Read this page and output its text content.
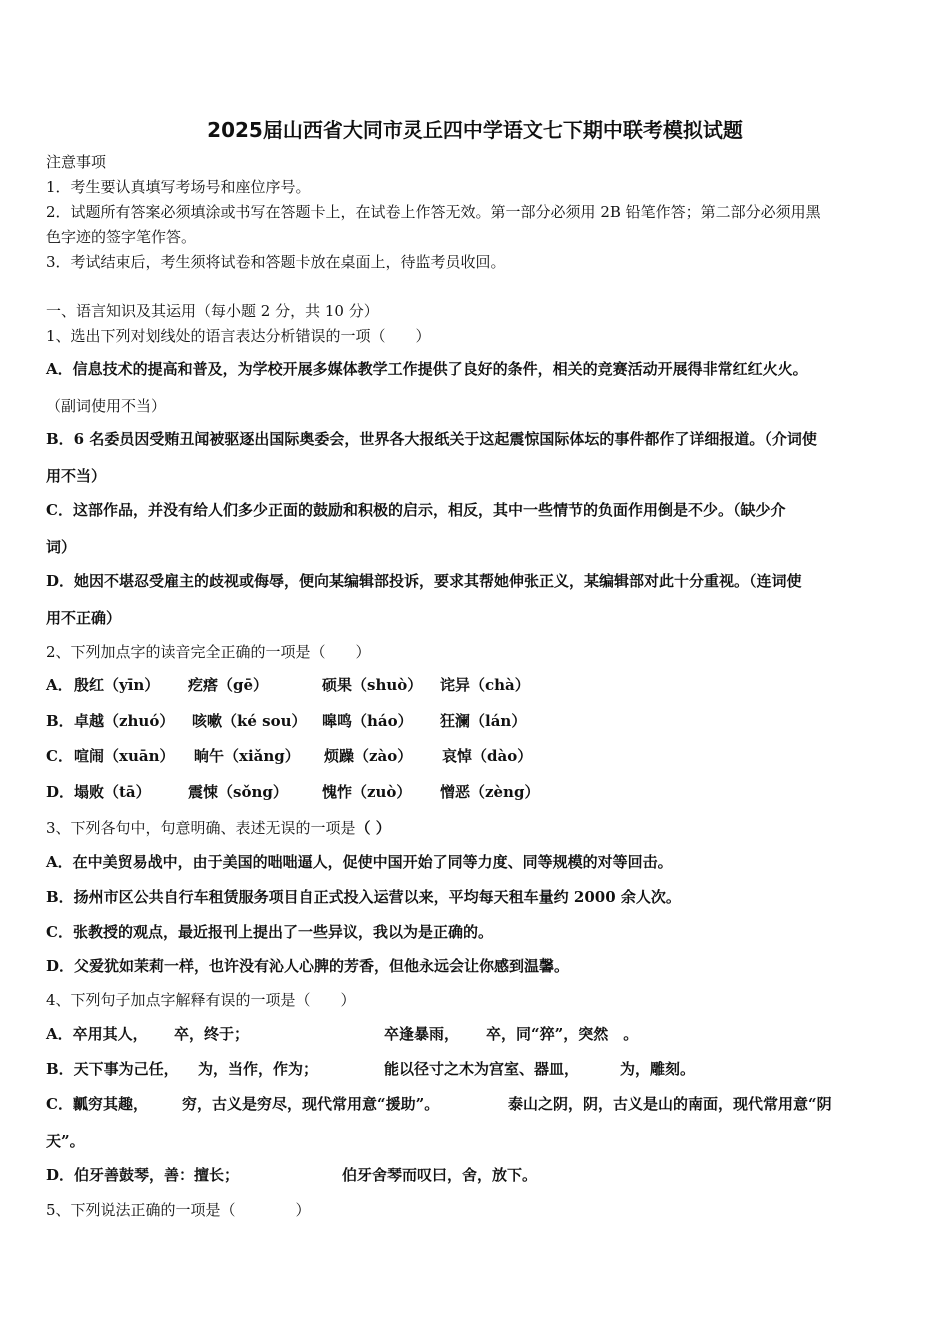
2025届山西省大同市灵丘四中学语文七下期中联考模拟试题
注意事项
1．考生要认真填写考场号和座位序号。
2．试题所有答案必须填涂或书写在答题卡上，在试卷上作答无效。第一部分必须用 2B 铅笔作答；第二部分必须用黑
色字迹的签字笔作答。
3．考试结束后，考生须将试卷和答题卡放在桌面上，待监考员收回。
一、语言知识及其运用（每小题 2 分，共 10 分）
1、选出下列对划线处的语言表达分析错误的一项（　　）
A．信息技术的提高和普及，为学校开展多媒体教学工作提供了良好的条件，相关的竞赛活动开展得非常红红火火。
（副词使用不当）
B．6 名委员因受贿丑闻被驱逐出国际奥委会，世界各大报纸关于这起震惊国际体坛的事件都作了详细报道。（介词使
用不当）
C．这部作品，并没有给人们多少正面的鼓励和积极的启示，相反，其中一些情节的负面作用倒是不少。（缺少介
词）
D．她因不堪忍受雇主的歧视或侮辱，便向某编辑部投诉，要求其帮她伸张正义，某编辑部对此十分重视。（连词使
用不正确）
2、下列加点字的读音完全正确的一项是（　　）
A．殷红（yīn） 疙瘩（gē）	硕果（shuò） 诧异（chà）
B．卓越（zhuó） 咳嗽（ké sou） 嗥鸣（háo） 狂澜（lán）
C．喧闹（xuān） 晌午（xiǎng） 烦躁（zào） 哀悼（dào）
D．塌败（tā） 震悚（sǒng） 愧怍（zuò） 憎恶（zèng）
3、下列各句中，句意明确、表述无误的一项是（ ）
A．在中美贸易战中，由于美国的咄咄逼人，促使中国开始了同等力度、同等规模的对等回击。
B．扬州市区公共自行车租赁服务项目自正式投入运营以来，平均每天租车量约 2000 余人次。
C．张教授的观点，最近报刊上提出了一些异议，我以为是正确的。
D．父爱犹如茉莉一样，也许没有沁人心脾的芳香，但他永远会让你感到温馨。
4、下列句子加点字解释有误的一项是（　　）
A．卒用其人， 卒，终于；	卒逢暴雨， 卒，同“猝”，突然　。
B．天下事为己任， 为，当作，作为；	能以径寸之木为宫室、器皿，	为，雕刻。
C．瓤穷其趣， 穷，古义是穷尽，现代常用意“援助”。	泰山之阴，阴，古义是山的南面，现代常用意“阴
天”。
D．伯牙善鼓琴，善：擅长；	伯牙舍琴而叹曰，舍，放下。
5、下列说法正确的一项是（　　　　）
